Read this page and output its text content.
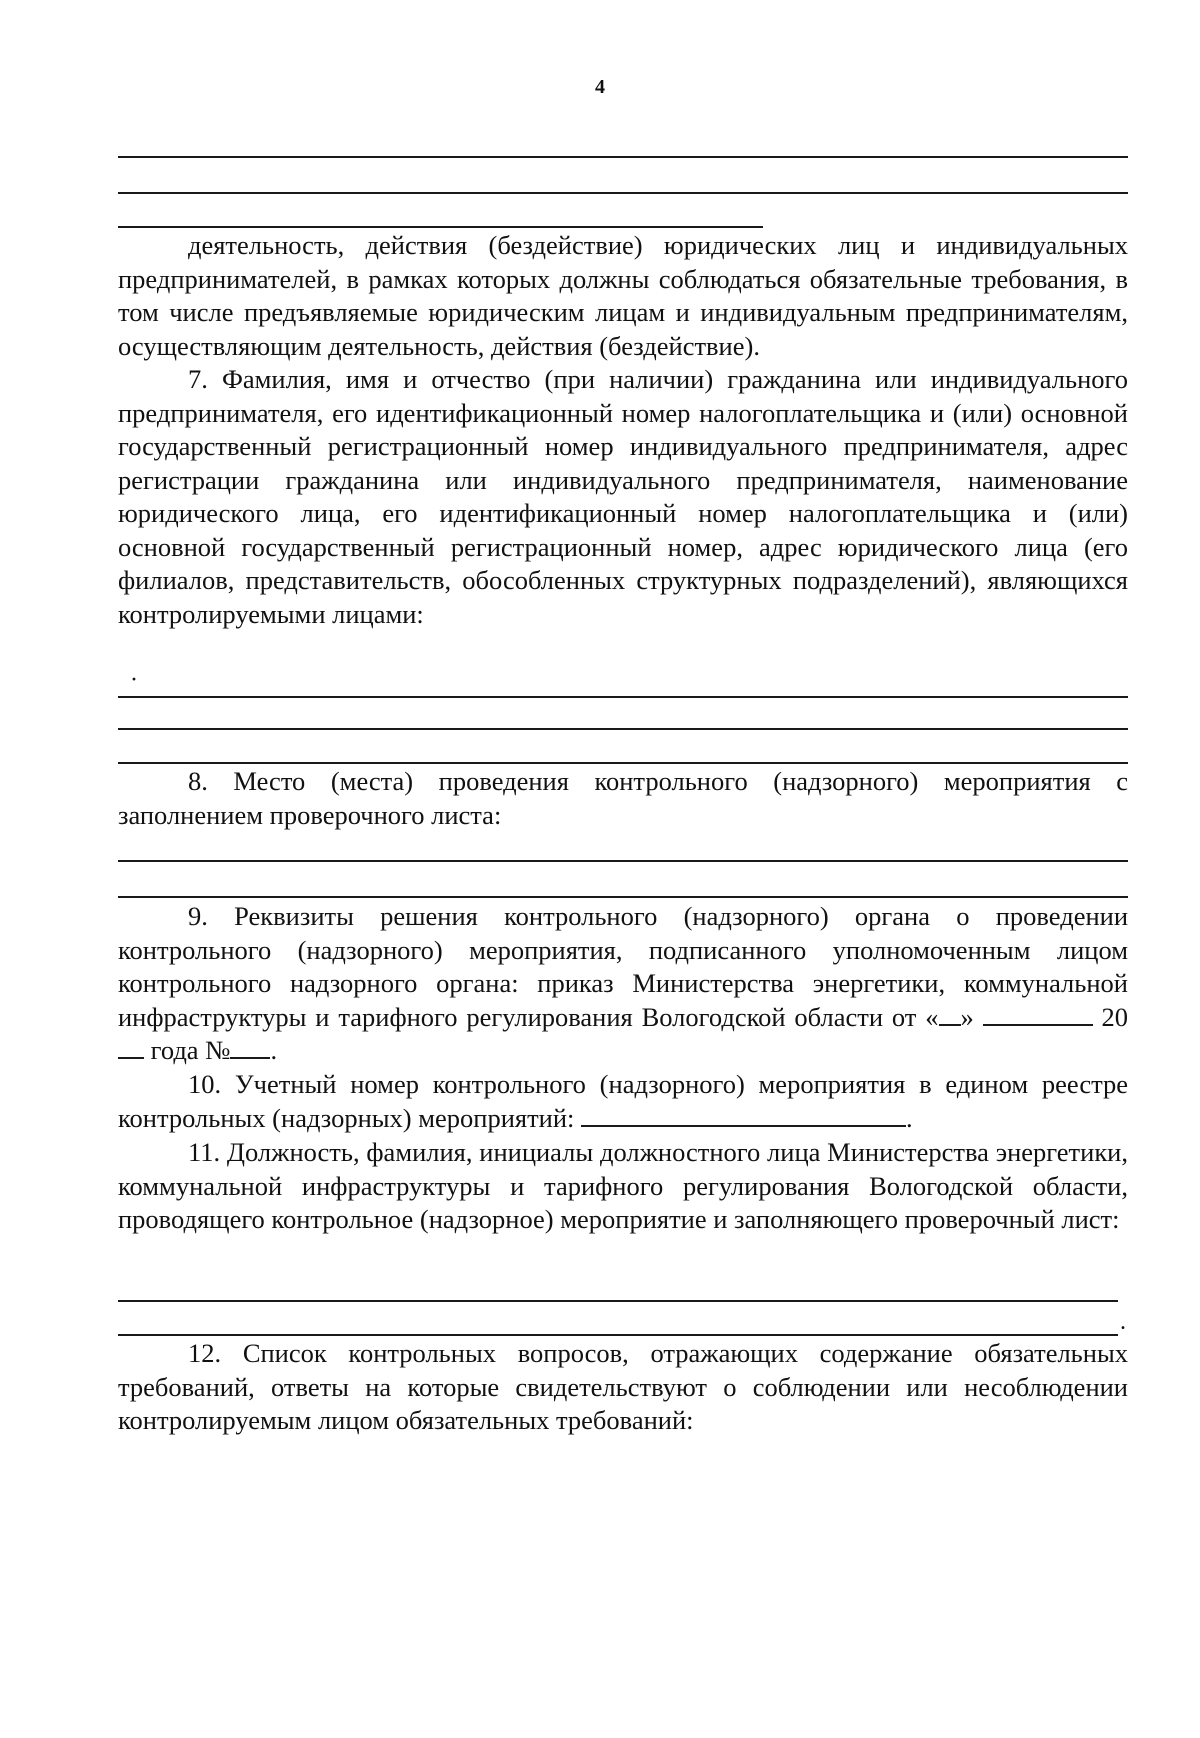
4

деятельность, действия (бездействие) юридических лиц и индивидуальных предпринимателей, в рамках которых должны соблюдаться обязательные требования, в том числе предъявляемые юридическим лицам и индивидуальным предпринимателям, осуществляющим деятельность, действия (бездействие).

7. Фамилия, имя и отчество (при наличии) гражданина или индивидуального предпринимателя, его идентификационный номер налогоплательщика и (или) основной государственный регистрационный номер индивидуального предпринимателя, адрес регистрации гражданина или индивидуального предпринимателя, наименование юридического лица, его идентификационный номер налогоплательщика и (или) основной государственный регистрационный номер, адрес юридического лица (его филиалов, представительств, обособленных структурных подразделений), являющихся контролируемыми лицами:

·

8. Место (места) проведения контрольного (надзорного) мероприятия с заполнением проверочного листа:

9. Реквизиты решения контрольного (надзорного) органа о проведении контрольного (надзорного) мероприятия, подписанного уполномоченным лицом контрольного надзорного органа: приказ Министерства энергетики, коммунальной инфраструктуры и тарифного регулирования Вологодской области от « »	20 года № .

10. Учетный номер контрольного (надзорного) мероприятия в едином реестре контрольных (надзорных) мероприятий:	.

11. Должность, фамилия, инициалы должностного лица Министерства энергетики, коммунальной инфраструктуры и тарифного регулирования Вологодской области, проводящего контрольное (надзорное) мероприятие и заполняющего проверочный лист:

.

12. Список контрольных вопросов, отражающих содержание обязательных требований, ответы на которые свидетельствуют о соблюдении или несоблюдении контролируемым лицом обязательных требований:
